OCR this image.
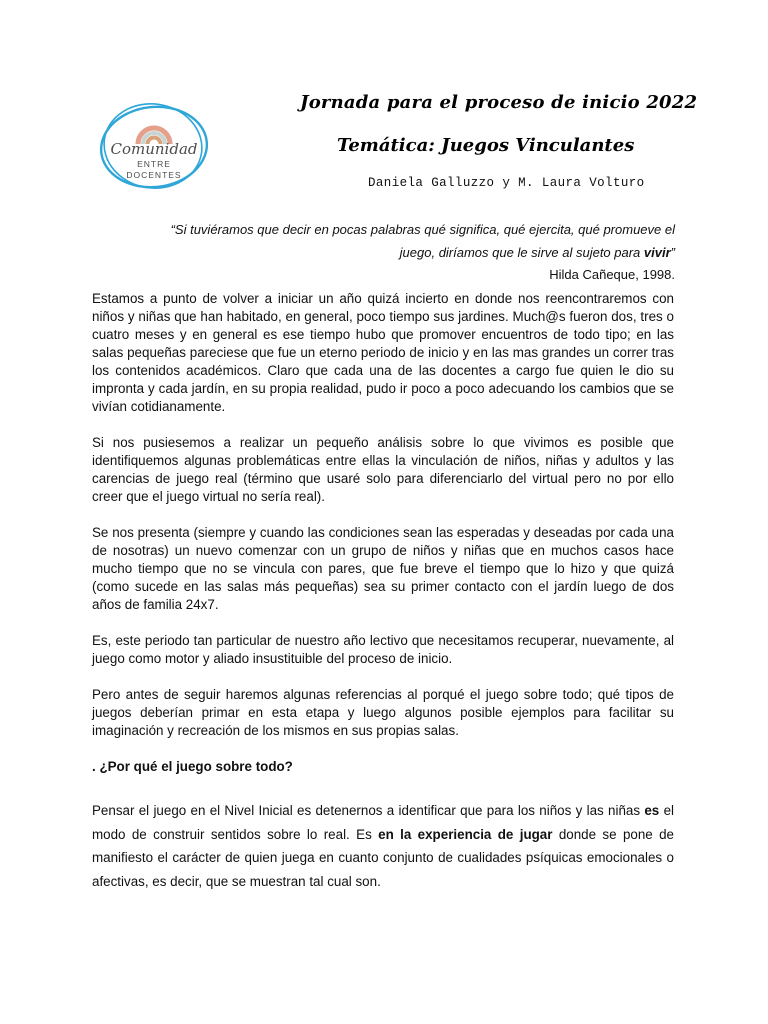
Comunidad
ENTRE
DOCENTES
Jornada para el proceso de inicio 2022
Temática: Juegos Vinculantes

Daniela Galluzzo y M. Laura Volturo

“Si tuviéramos que decir en pocas palabras qué significa, qué ejercita, qué promueve el

juego, diríamos que le sirve al sujeto para vivir”

Hilda Cañeque, 1998.

Estamos a punto de volver a iniciar un año quizá incierto en donde nos reencontraremos con niños y niñas que han habitado, en general, poco tiempo sus jardines. Much@s fueron dos, tres o cuatro meses y en general es ese tiempo hubo que promover encuentros de todo tipo; en las salas pequeñas pareciese que fue un eterno periodo de inicio y en las mas grandes un correr tras los contenidos académicos. Claro que cada una de las docentes a cargo fue quien le dio su impronta y cada jardín, en su propia realidad, pudo ir poco a poco adecuando los cambios que se vivían cotidianamente.

Si nos pusiesemos a realizar un pequeño análisis sobre lo que vivimos es posible que identifiquemos algunas problemáticas entre ellas la vinculación de niños, niñas y adultos y las carencias de juego real (término que usaré solo para diferenciarlo del virtual pero no por ello creer que el juego virtual no sería real).

Se nos presenta (siempre y cuando las condiciones sean las esperadas y deseadas por cada una de nosotras) un nuevo comenzar con un grupo de niños y niñas que en muchos casos hace mucho tiempo que no se vincula con pares, que fue breve el tiempo que lo hizo y que quizá (como sucede en las salas más pequeñas) sea su primer contacto con el jardín luego de dos años de familia 24x7.

Es, este periodo tan particular de nuestro año lectivo que necesitamos recuperar, nuevamente, al juego como motor y aliado insustituible del proceso de inicio.

Pero antes de seguir haremos algunas referencias al porqué el juego sobre todo; qué tipos de juegos deberían primar en esta etapa y luego algunos posible ejemplos para facilitar su imaginación y recreación de los mismos en sus propias salas.

. ¿Por qué el juego sobre todo?

Pensar el juego en el Nivel Inicial es detenernos a identificar que para los niños y las niñas es el modo de construir sentidos sobre lo real. Es en la experiencia de jugar donde se pone de manifiesto el carácter de quien juega en cuanto conjunto de cualidades psíquicas emocionales o afectivas, es decir, que se muestran tal cual son.
